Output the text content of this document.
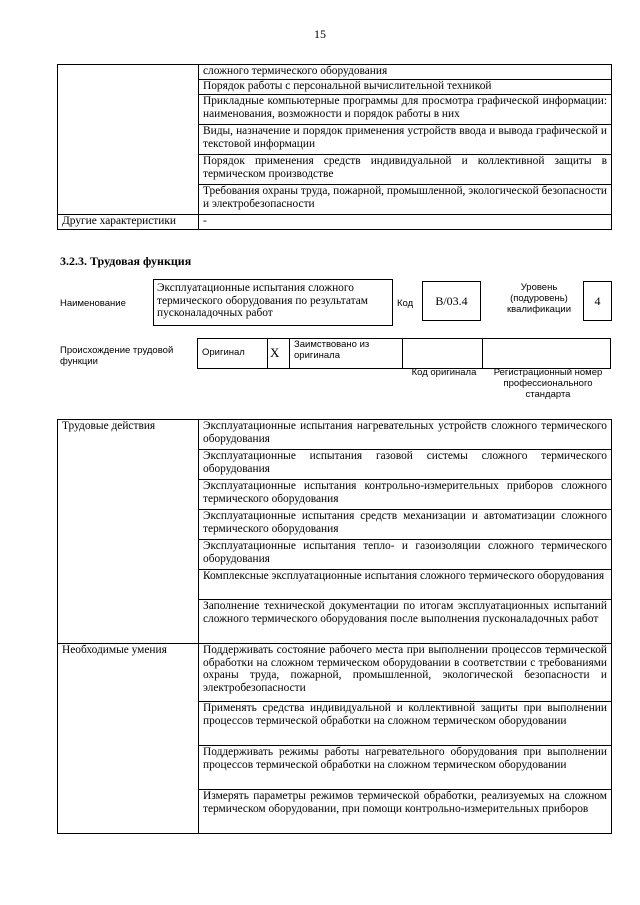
15
	сложного термического оборудования
	Порядок работы с персональной вычислительной техникой
	Прикладные компьютерные программы для просмотра графической информации: наименования, возможности и порядок работы в них
	Виды, назначение и порядок применения устройств ввода и вывода графической и текстовой информации
	Порядок применения средств индивидуальной и коллективной защиты в термическом производстве
	Требования охраны труда, пожарной, промышленной, экологической безопасности и электробезопасности
Другие характеристики	-
3.2.3. Трудовая функция
Наименование
Эксплуатационные испытания сложного термического оборудования по результатам пусконаладочных работ
Код	B/03.4
Уровень (подуровень) квалификации
4
Происхождение трудовой функции
Оригинал	X	Заимствовано из оригинала		
Код оригинала	Регистрационный номер профессионального стандарта
Трудовые действия	Эксплуатационные испытания нагревательных устройств сложного термического оборудования
	Эксплуатационные испытания газовой системы сложного термического оборудования
	Эксплуатационные испытания контрольно-измерительных приборов сложного термического оборудования
	Эксплуатационные испытания средств механизации и автоматизации сложного термического оборудования
	Эксплуатационные испытания тепло- и газоизоляции сложного термического оборудования
	Комплексные эксплуатационные испытания сложного термического оборудования
	Заполнение технической документации по итогам эксплуатационных испытаний сложного термического оборудования после выполнения пусконаладочных работ
Необходимые умения	Поддерживать состояние рабочего места при выполнении процессов термической обработки на сложном термическом оборудовании в соответствии с требованиями охраны труда, пожарной, промышленной, экологической безопасности и электробезопасности
	Применять средства индивидуальной и коллективной защиты при выполнении процессов термической обработки на сложном термическом оборудовании
	Поддерживать режимы работы нагревательного оборудования при выполнении процессов термической обработки на сложном термическом оборудовании
	Измерять параметры режимов термической обработки, реализуемых на сложном термическом оборудовании, при помощи контрольно-измерительных приборов
